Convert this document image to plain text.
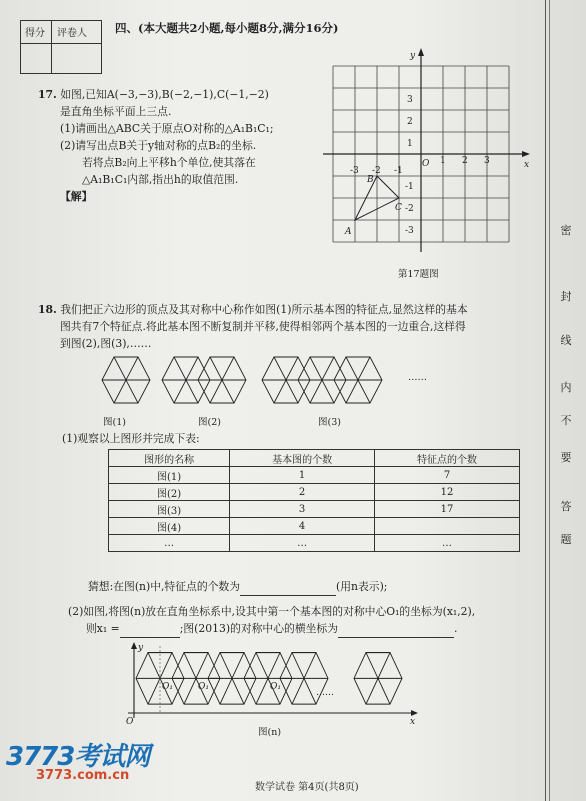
得分 评卷人 四、(本大题共2小题,每小题8分,满分16分)
17. 如图,已知A(−3,−3),B(−2,−1),C(−1,−2)
是直角坐标平面上三点.
(1)请画出△ABC关于原点O对称的△A₁B₁C₁;
(2)请写出点B关于y轴对称的点B₂的坐标.
若将点B₂向上平移h个单位,使其落在
△A₁B₁C₁内部,指出h的取值范围.
【解】
y
x
O
-3 -2 -1
1 2 3
3
2
1
-1
-2
-3
A
B
C
第17题图
18. 我们把正六边形的顶点及其对称中心称作如图(1)所示基本图的特征点,显然这样的基本
图共有7个特征点.将此基本图不断复制并平移,使得相邻两个基本图的一边重合,这样得
到图(2),图(3),……
……
图(1)	图(2)	图(3)
(1)观察以上图形并完成下表:
图形的名称	基本图的个数	特征点的个数
图(1)	1	7
图(2)	2	12
图(3)	3	17
图(4)	4	
…	…	…
猜想:在图(n)中,特征点的个数为	(用n表示);
(2)如图,将图(n)放在直角坐标系中,设其中第一个基本图的对称中心O₁的坐标为(x₁,2),
则x₁ =	;图(2013)的对称中心的横坐标为	.
y
x
O
O₁	O₁	O₁
……
图(n)
密
封
线
内
不
要
答
题
3773考试网
3773.com.cn
数学试卷 第4页(共8页)
